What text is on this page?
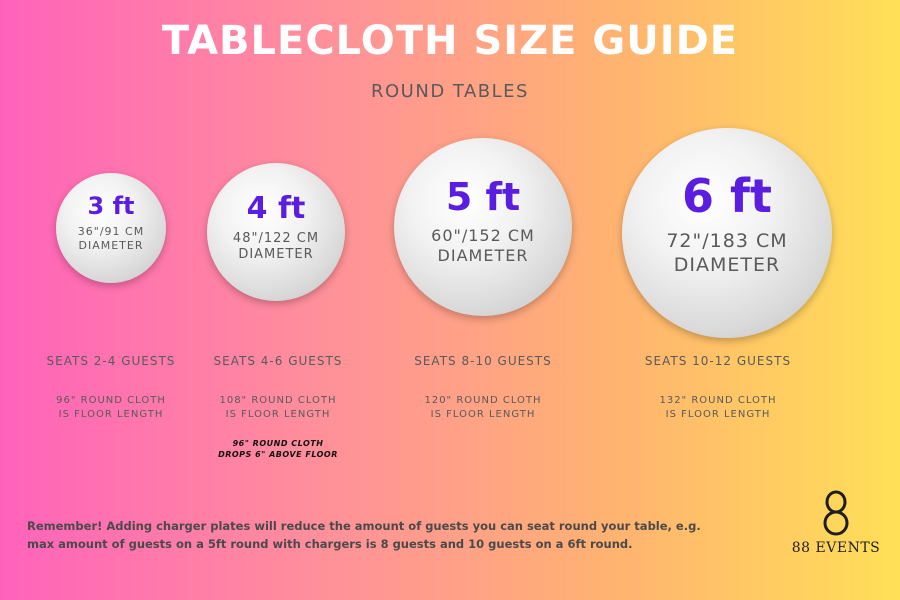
TABLECLOTH SIZE GUIDE
ROUND TABLES
3 ft
36"/91 CM
DIAMETER
4 ft
48"/122 CM
DIAMETER
5 ft
60"/152 CM
DIAMETER
6 ft
72"/183 CM
DIAMETER
SEATS 2-4 GUESTS	SEATS 4-6 GUESTS	SEATS 8-10 GUESTS	SEATS 10-12 GUESTS
96" ROUND CLOTH
IS FLOOR LENGTH
108" ROUND CLOTH
IS FLOOR LENGTH
120" ROUND CLOTH
IS FLOOR LENGTH
132" ROUND CLOTH
IS FLOOR LENGTH
96" ROUND CLOTH
DROPS 6" ABOVE FLOOR
Remember! Adding charger plates will reduce the amount of guests you can seat round your table, e.g.
max amount of guests on a 5ft round with chargers is 8 guests and 10 guests on a 6ft round.	88 EVENTS
